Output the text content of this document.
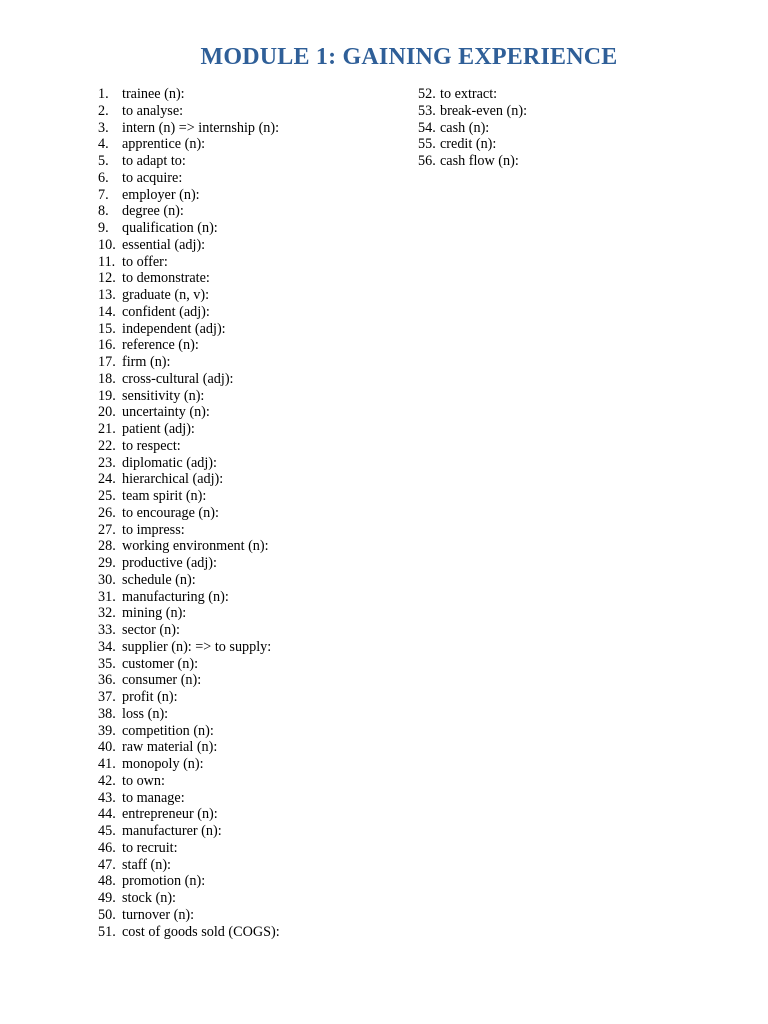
MODULE 1: GAINING EXPERIENCE
1. trainee (n):
2. to analyse:
3. intern (n) => internship (n):
4. apprentice (n):
5. to adapt to:
6. to acquire:
7. employer (n):
8. degree (n):
9. qualification (n):
10. essential (adj):
11. to offer:
12. to demonstrate:
13. graduate (n, v):
14. confident (adj):
15. independent (adj):
16. reference (n):
17. firm (n):
18. cross-cultural (adj):
19. sensitivity (n):
20. uncertainty (n):
21. patient (adj):
22. to respect:
23. diplomatic (adj):
24. hierarchical (adj):
25. team spirit (n):
26. to encourage (n):
27. to impress:
28. working environment (n):
29. productive (adj):
30. schedule (n):
31. manufacturing (n):
32. mining (n):
33. sector (n):
34. supplier (n): => to supply:
35. customer (n):
36. consumer (n):
37. profit (n):
38. loss (n):
39. competition (n):
40. raw material (n):
41. monopoly (n):
42. to own:
43. to manage:
44. entrepreneur (n):
45. manufacturer (n):
46. to recruit:
47. staff (n):
48. promotion (n):
49. stock (n):
50. turnover (n):
51. cost of goods sold (COGS):
52. to extract:
53. break-even (n):
54. cash (n):
55. credit (n):
56. cash flow (n):
